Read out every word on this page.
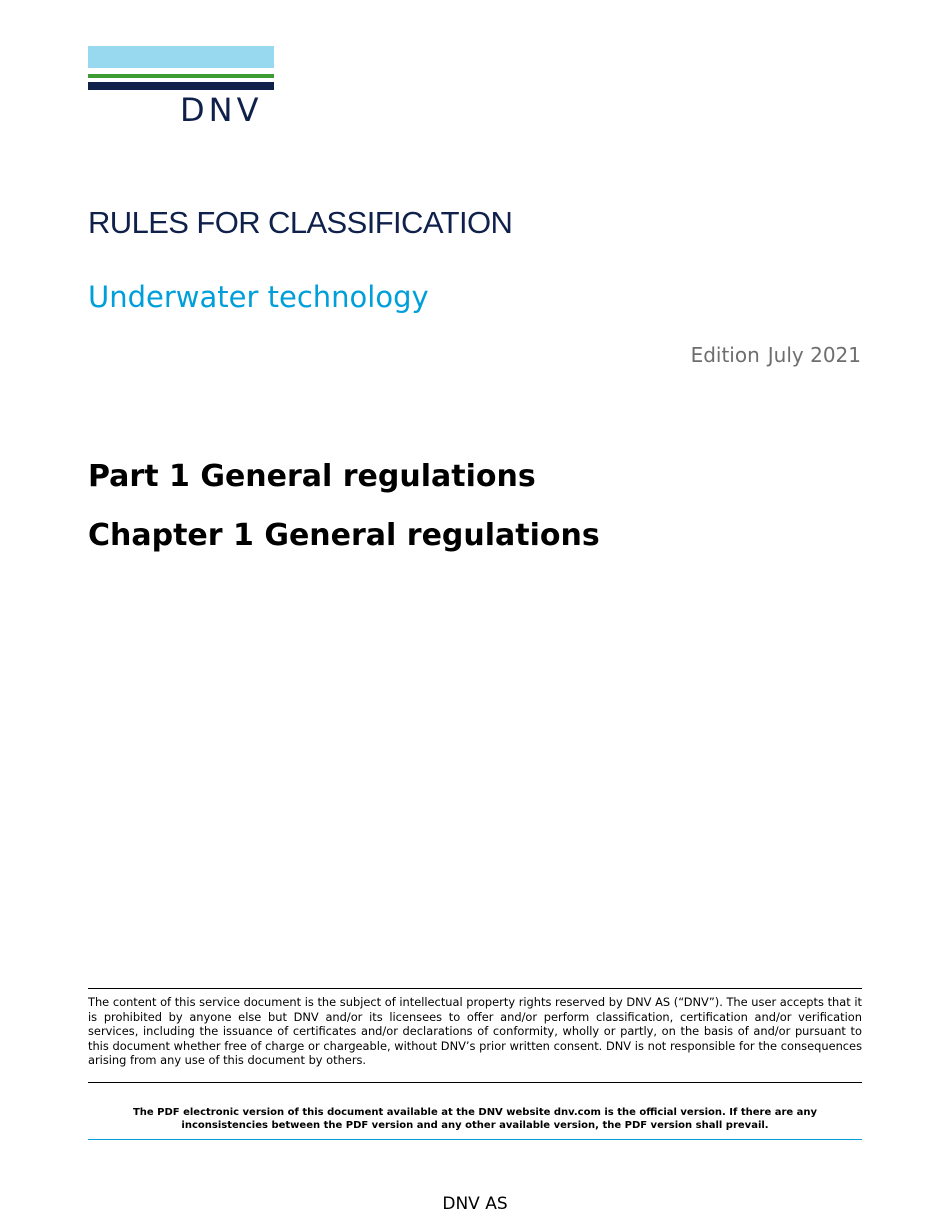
DNV
RULES FOR CLASSIFICATION
Underwater technology
Edition July 2021
Part 1 General regulations
Chapter 1 General regulations

The content of this service document is the subject of intellectual property rights reserved by DNV AS (“DNV”). The user accepts that it is prohibited by anyone else but DNV and/or its licensees to offer and/or perform classification, certification and/or verification services, including the issuance of certificates and/or declarations of conformity, wholly or partly, on the basis of and/or pursuant to this document whether free of charge or chargeable, without DNV’s prior written consent. DNV is not responsible for the consequences arising from any use of this document by others.

The PDF electronic version of this document available at the DNV website dnv.com is the official version. If there are any inconsistencies between the PDF version and any other available version, the PDF version shall prevail.

DNV AS
